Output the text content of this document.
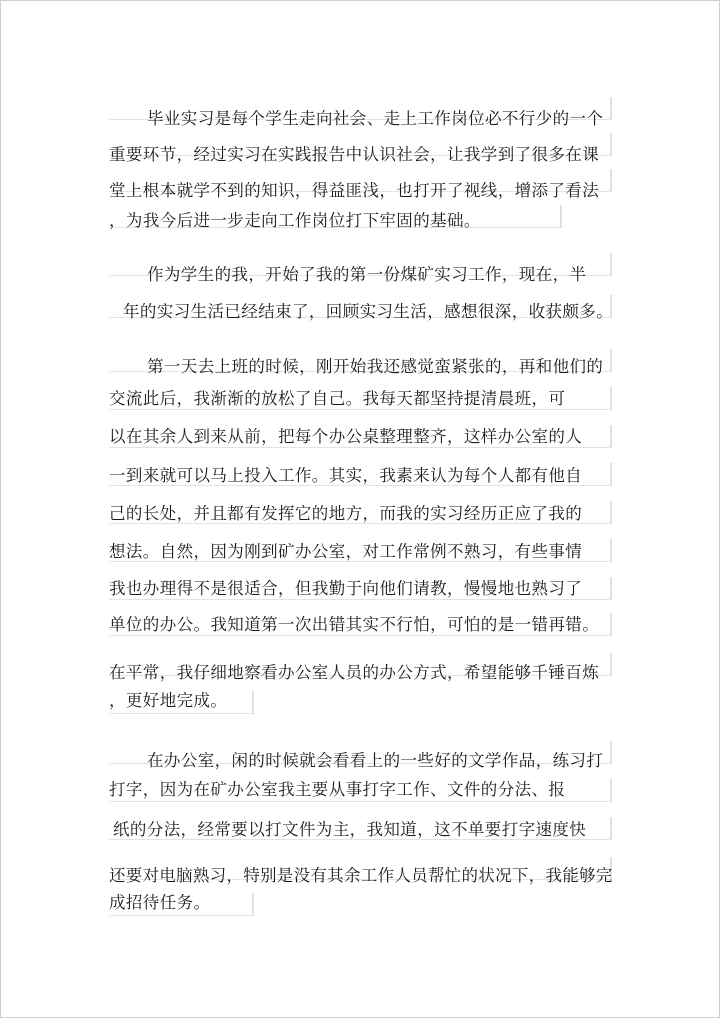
毕业实习是每个学生走向社会、走上工作岗位必不行少的一个
重要环节，经过实习在实践报告中认识社会，让我学到了很多在课
堂上根本就学不到的知识，得益匪浅，也打开了视线，增添了看法
，为我今后进一步走向工作岗位打下牢固的基础。
作为学生的我，开始了我的第一份煤矿实习工作，现在，半
年的实习生活已经结束了，回顾实习生活，感想很深，收获颇多。
第一天去上班的时候，刚开始我还感觉蛮紧张的，再和他们的
交流此后，我渐渐的放松了自己。我每天都坚持提清晨班，可
以在其余人到来从前，把每个办公桌整理整齐，这样办公室的人
一到来就可以马上投入工作。其实，我素来认为每个人都有他自
己的长处，并且都有发挥它的地方，而我的实习经历正应了我的
想法。自然，因为刚到矿办公室，对工作常例不熟习，有些事情
我也办理得不是很适合，但我勤于向他们请教，慢慢地也熟习了
单位的办公。我知道第一次出错其实不行怕，可怕的是一错再错。
在平常，我仔细地察看办公室人员的办公方式，希望能够千锤百炼
，更好地完成。
在办公室，闲的时候就会看看上的一些好的文学作品，练习打
打字，因为在矿办公室我主要从事打字工作、文件的分法、报
纸的分法，经常要以打文件为主，我知道，这不单要打字速度快
还要对电脑熟习，特别是没有其余工作人员帮忙的状况下，我能够完
成招待任务。
